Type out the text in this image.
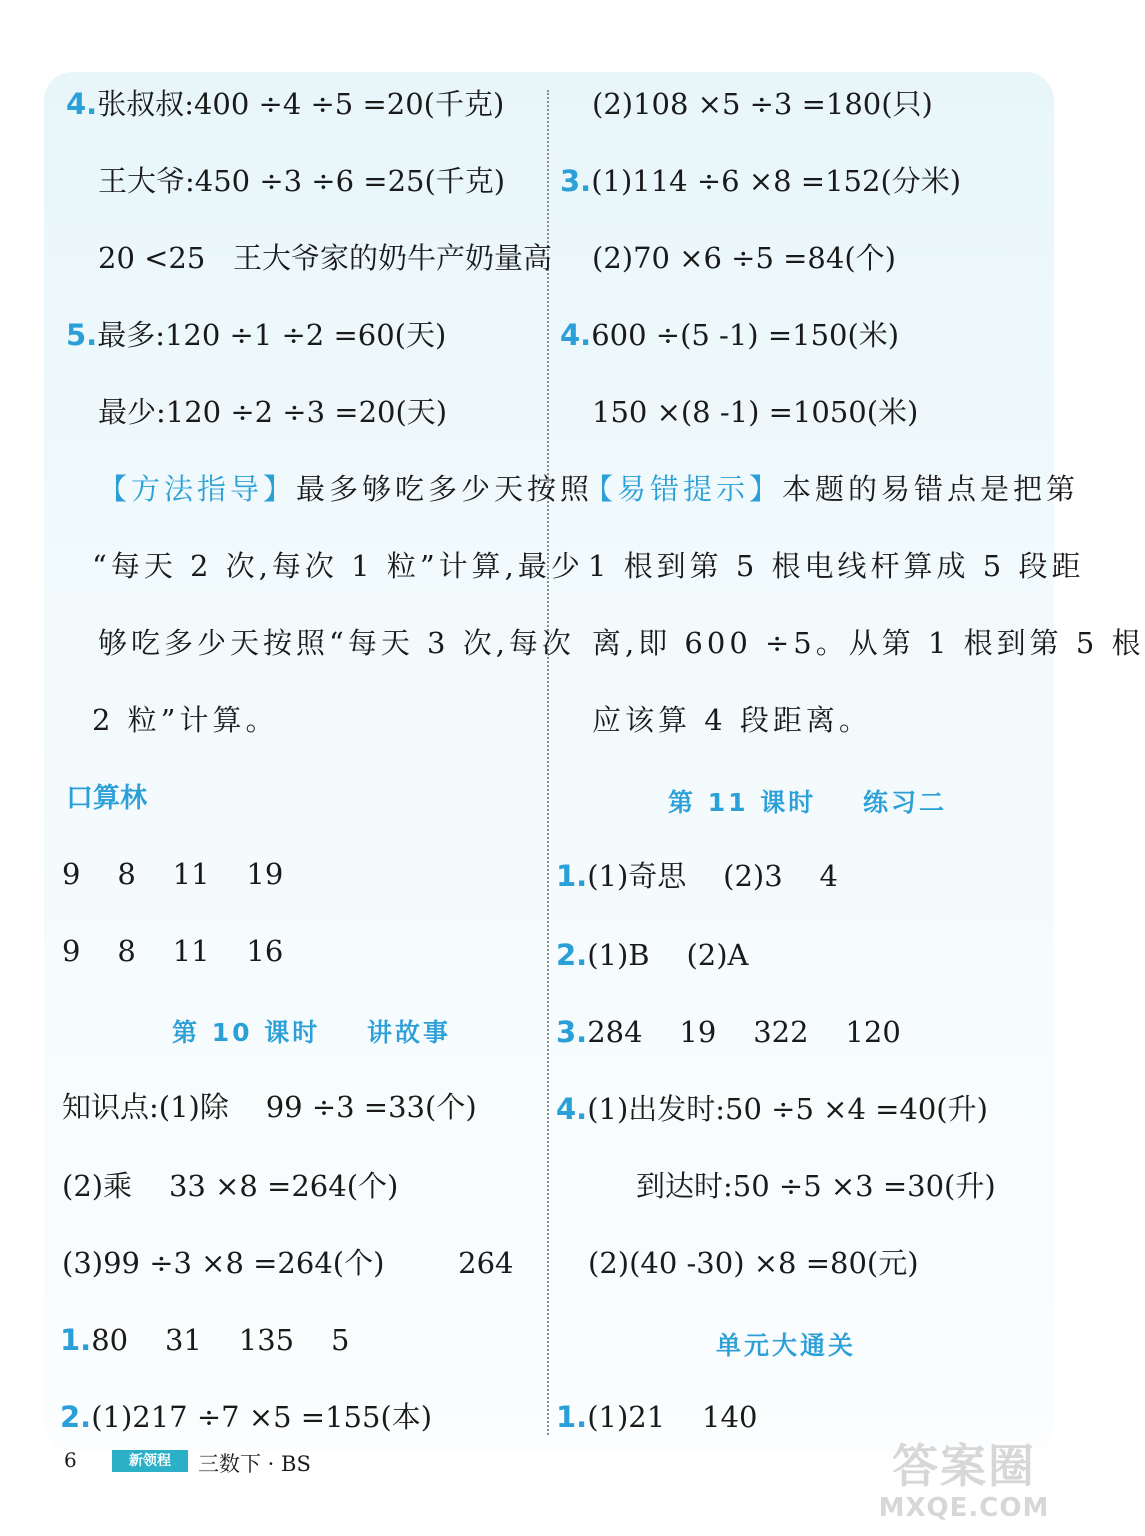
4.张叔叔:400 ÷4 ÷5 =20(千克)
王大爷:450 ÷3 ÷6 =25(千克)
20 <25   王大爷家的奶牛产奶量高
5.最多:120 ÷1 ÷2 =60(天)
最少:120 ÷2 ÷3 =20(天)
【方法指导】最多够吃多少天按照
“每天 2 次,每次 1 粒”计算,最少
够吃多少天按照“每天 3 次,每次
2 粒”计算。
口算林
9    8    11    19
9    8    11    16
第 10 课时    讲故事
知识点:(1)除    99 ÷3 =33(个)
(2)乘    33 ×8 =264(个)
(3)99 ÷3 ×8 =264(个)        264
1.80    31    135    5
2.(1)217 ÷7 ×5 =155(本)
(2)108 ×5 ÷3 =180(只)
3.(1)114 ÷6 ×8 =152(分米)
(2)70 ×6 ÷5 =84(个)
4.600 ÷(5 -1) =150(米)
150 ×(8 -1) =1050(米)
【易错提示】本题的易错点是把第
1 根到第 5 根电线杆算成 5 段距
离,即 600 ÷5。从第 1 根到第 5 根
应该算 4 段距离。
第 11 课时    练习二
1.(1)奇思    (2)3    4
2.(1)B    (2)A
3.284    19    322    120
4.(1)出发时:50 ÷5 ×4 =40(升)
到达时:50 ÷5 ×3 =30(升)
(2)(40 -30) ×8 =80(元)
单元大通关
1.(1)21    140
6	新领程	三数下 · BS	答案圈
MXQE.COM
